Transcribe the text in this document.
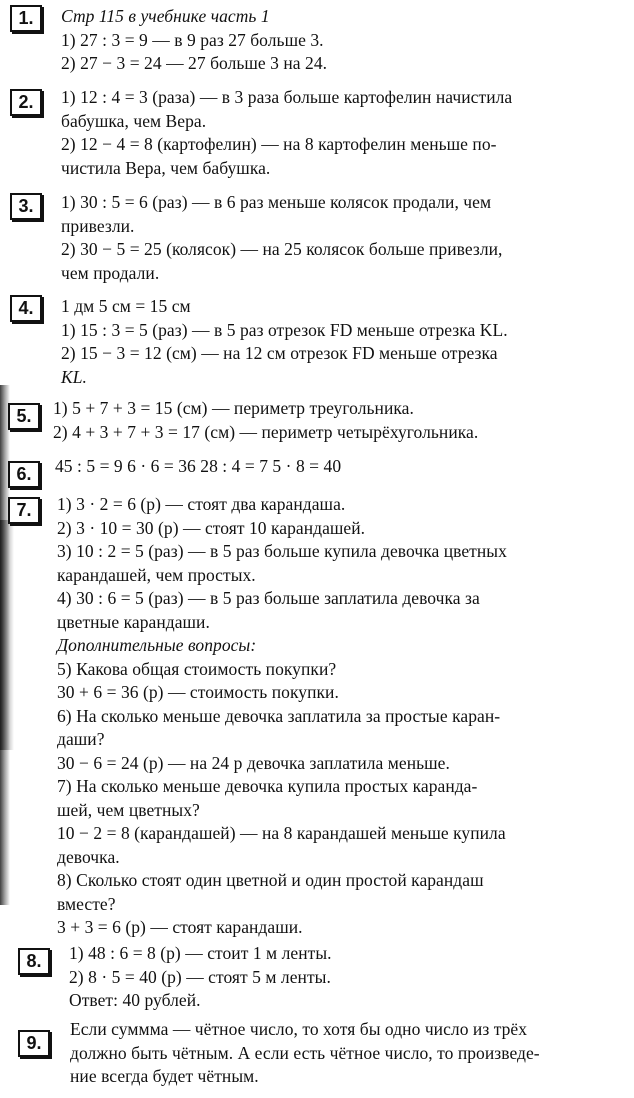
1.	Стр 115 в учебнике часть 1
1) 27 : 3 = 9 — в 9 раз 27 больше 3.
2) 27 − 3 = 24 — 27 больше 3 на 24.
2.	1) 12 : 4 = 3 (раза) — в 3 раза больше картофелин начистила
бабушка, чем Вера.
2) 12 − 4 = 8 (картофелин) — на 8 картофелин меньше по-
чистила Вера, чем бабушка.
3.	1) 30 : 5 = 6 (раз) — в 6 раз меньше колясок продали, чем
привезли.
2) 30 − 5 = 25 (колясок) — на 25 колясок больше привезли,
чем продали.
4.	1 дм 5 см = 15 см
1) 15 : 3 = 5 (раз) — в 5 раз отрезок FD меньше отрезка KL.
2) 15 − 3 = 12 (см) — на 12 см отрезок FD меньше отрезка
KL.
5.	1) 5 + 7 + 3 = 15 (см) — периметр треугольника.
2) 4 + 3 + 7 + 3 = 17 (см) — периметр четырёхугольника.
6.	45 : 5 = 9 6 · 6 = 36 28 : 4 = 7 5 · 8 = 40
7.	1) 3 · 2 = 6 (р) — стоят два карандаша.
2) 3 · 10 = 30 (р) — стоят 10 карандашей.
3) 10 : 2 = 5 (раз) — в 5 раз больше купила девочка цветных
карандашей, чем простых.
4) 30 : 6 = 5 (раз) — в 5 раз больше заплатила девочка за
цветные карандаши.
Дополнительные вопросы:
5) Какова общая стоимость покупки?
30 + 6 = 36 (р) — стоимость покупки.
6) На сколько меньше девочка заплатила за простые каран-
даши?
30 − 6 = 24 (р) — на 24 р девочка заплатила меньше.
7) На сколько меньше девочка купила простых каранда-
шей, чем цветных?
10 − 2 = 8 (карандашей) — на 8 карандашей меньше купила
девочка.
8) Сколько стоят один цветной и один простой карандаш
вместе?
3 + 3 = 6 (р) — стоят карандаши.
8.	1) 48 : 6 = 8 (р) — стоит 1 м ленты.
2) 8 · 5 = 40 (р) — стоят 5 м ленты.
Ответ: 40 рублей.
9.
Если суммма — чётное число, то хотя бы одно число из трёх
должно быть чётным. А если есть чётное число, то произведе-
ние всегда будет чётным.
